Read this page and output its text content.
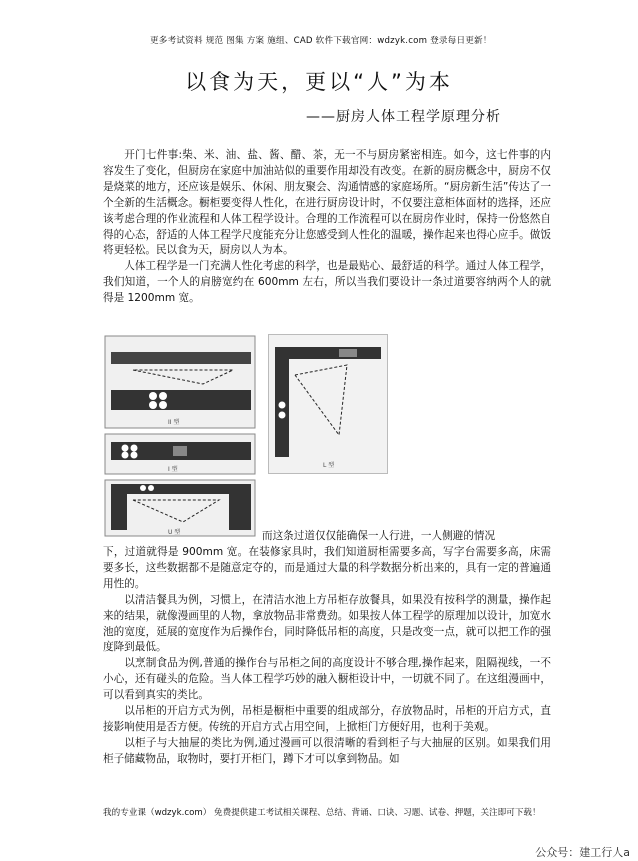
更多考试资料 规范 图集 方案 施组、CAD 软件下载官网：wdzyk.com 登录每日更新！
以食为天，更以“人”为本
——厨房人体工程学原理分析

开门七件事:柴、米、油、盐、酱、醋、茶，无一不与厨房紧密相连。如今，这七件事的内容发生了变化，但厨房在家庭中加油站似的重要作用却没有改变。在新的厨房概念中，厨房不仅是烧菜的地方，还应该是娱乐、休闲、朋友聚会、沟通情感的家庭场所。“厨房新生活”传达了一个全新的生活概念。橱柜要变得人性化，在进行厨房设计时，不仅要注意柜体面材的选择，还应该考虑合理的作业流程和人体工程学设计。合理的工作流程可以在厨房作业时，保持一份悠然自得的心态，舒适的人体工程学尺度能充分让您感受到人性化的温暖，操作起来也得心应手。做饭将更轻松。民以食为天，厨房以人为本。

人体工程学是一门充满人性化考虑的科学，也是最贴心、最舒适的科学。通过人体工程学，我们知道，一个人的肩膀宽约在 600mm 左右，所以当我们要设计一条过道要容纳两个人的就得是 1200mm 宽。

II 型
I 型
U 型
L 型
而这条过道仅仅能确保一人行进，一人侧避的情况

下，过道就得是 900mm 宽。在装修家具时，我们知道厨柜需要多高，写字台需要多高，床需要多长，这些数据都不是随意定夺的，而是通过大量的科学数据分析出来的，具有一定的普遍通用性的。

以清洁餐具为例，习惯上，在清洁水池上方吊柜存放餐具，如果没有按科学的测量，操作起来的结果，就像漫画里的人物，拿放物品非常费劲。如果按人体工程学的原理加以设计，加宽水池的宽度，延展的宽度作为后操作台，同时降低吊柜的高度，只是改变一点，就可以把工作的强度降到最低。

以烹制食品为例,普通的操作台与吊柜之间的高度设计不够合理,操作起来，阻隔视线，一不小心，还有碰头的危险。当人体工程学巧妙的融入橱柜设计中，一切就不同了。在这组漫画中，可以看到真实的类比。

以吊柜的开启方式为例，吊柜是橱柜中重要的组成部分，存放物品时，吊柜的开启方式，直接影响使用是否方便。传统的开启方式占用空间，上掀柜门方便好用，也利于美观。

以柜子与大抽屉的类比为例,通过漫画可以很清晰的看到柜子与大抽屉的区别。如果我们用柜子储藏物品，取物时，要打开柜门，蹲下才可以拿到物品。如

我的专业课（wdzyk.com） 免费提供建工考试相关课程、总结、背诵、口诀、习题、试卷、押题，关注即可下载！
公众号：建工行人a
